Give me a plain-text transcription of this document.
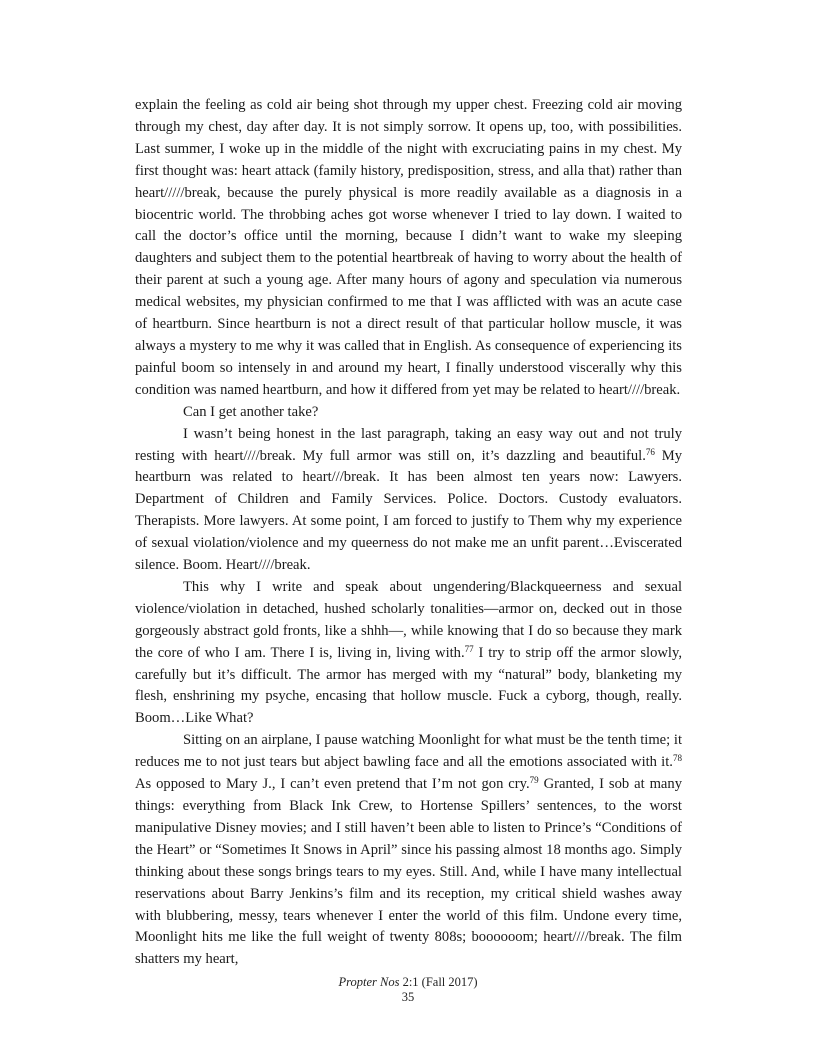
explain the feeling as cold air being shot through my upper chest. Freezing cold air moving through my chest, day after day. It is not simply sorrow. It opens up, too, with possibilities. Last summer, I woke up in the middle of the night with excruciating pains in my chest. My first thought was: heart attack (family history, predisposition, stress, and alla that) rather than heart/////break, because the purely physical is more readily available as a diagnosis in a biocentric world. The throbbing aches got worse whenever I tried to lay down. I waited to call the doctor’s office until the morning, because I didn’t want to wake my sleeping daughters and subject them to the potential heartbreak of having to worry about the health of their parent at such a young age. After many hours of agony and speculation via numerous medical websites, my physician confirmed to me that I was afflicted with was an acute case of heartburn. Since heartburn is not a direct result of that particular hollow muscle, it was always a mystery to me why it was called that in English. As consequence of experiencing its painful boom so intensely in and around my heart, I finally understood viscerally why this condition was named heartburn, and how it differed from yet may be related to heart////break.

Can I get another take?

I wasn’t being honest in the last paragraph, taking an easy way out and not truly resting with heart////break. My full armor was still on, it’s dazzling and beautiful.$^{76}$ My heartburn was related to heart///break. It has been almost ten years now: Lawyers. Department of Children and Family Services. Police. Doctors. Custody evaluators. Therapists. More lawyers. At some point, I am forced to justify to Them why my experience of sexual violation/violence and my queerness do not make me an unfit parent…Eviscerated silence. Boom. Heart////break.

This why I write and speak about ungendering/Blackqueerness and sexual violence/violation in detached, hushed scholarly tonalities—armor on, decked out in those gorgeously abstract gold fronts, like a shhh—, while knowing that I do so because they mark the core of who I am. There I is, living in, living with.$^{77}$ I try to strip off the armor slowly, carefully but it’s difficult. The armor has merged with my “natural” body, blanketing my flesh, enshrining my psyche, encasing that hollow muscle. Fuck a cyborg, though, really. Boom…Like What?

Sitting on an airplane, I pause watching Moonlight for what must be the tenth time; it reduces me to not just tears but abject bawling face and all the emotions associated with it.$^{78}$ As opposed to Mary J., I can’t even pretend that I’m not gon cry.$^{79}$ Granted, I sob at many things: everything from Black Ink Crew, to Hortense Spillers’ sentences, to the worst manipulative Disney movies; and I still haven’t been able to listen to Prince’s “Conditions of the Heart” or “Sometimes It Snows in April” since his passing almost 18 months ago. Simply thinking about these songs brings tears to my eyes. Still. And, while I have many intellectual reservations about Barry Jenkins’s film and its reception, my critical shield washes away with blubbering, messy, tears whenever I enter the world of this film. Undone every time, Moonlight hits me like the full weight of twenty 808s; boooooom; heart////break. The film shatters my heart,

Propter Nos 2:1 (Fall 2017)
35
